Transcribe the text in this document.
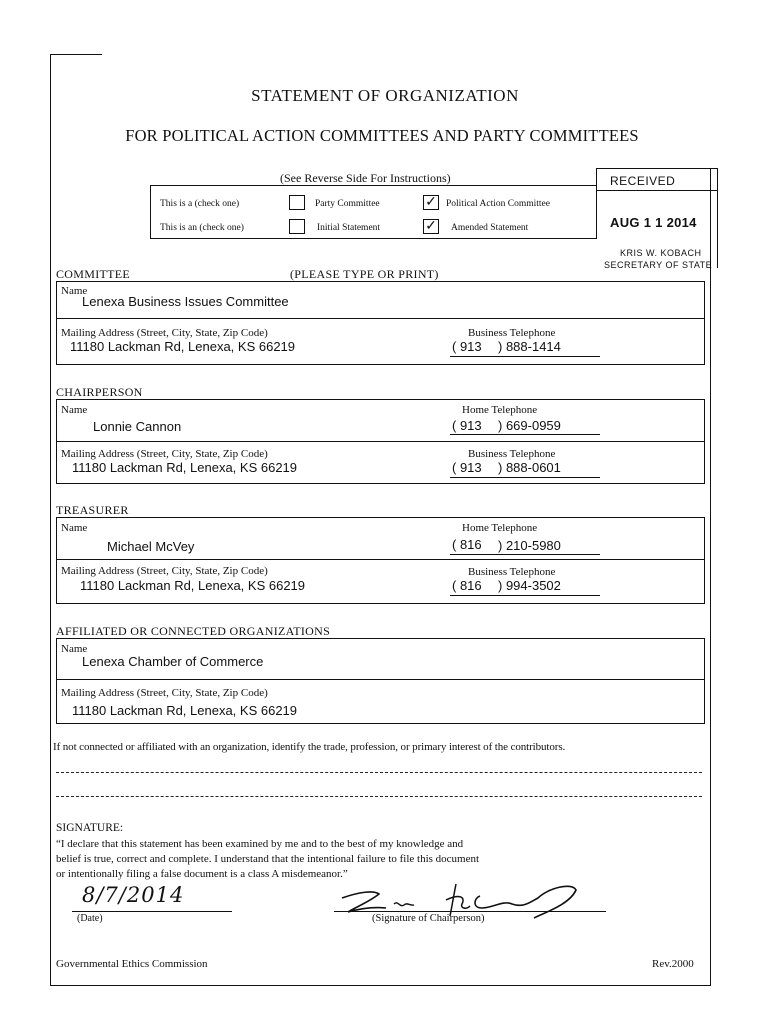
STATEMENT OF ORGANIZATION
FOR POLITICAL ACTION COMMITTEES AND PARTY COMMITTEES
(See Reverse Side For Instructions)
This is a (check one)	Party Committee	✓ Political Action Committee
This is an (check one)	Initial Statement	✓ Amended Statement
RECEIVED
AUG 1 1 2014
KRIS W. KOBACH
SECRETARY OF STATE
COMMITTEE	(PLEASE TYPE OR PRINT)
Name
Lenexa Business Issues Committee
Mailing Address (Street, City, State, Zip Code)
11180 Lackman Rd, Lenexa, KS 66219
Business Telephone
( 913 ) 888-1414
CHAIRPERSON
Name
Lonnie Cannon
Home Telephone
( 913 ) 669-0959
Mailing Address (Street, City, State, Zip Code)
11180 Lackman Rd, Lenexa, KS 66219
Business Telephone
( 913 ) 888-0601
TREASURER
Name
Michael McVey
Home Telephone
( 816 ) 210-5980
Mailing Address (Street, City, State, Zip Code)
11180 Lackman Rd, Lenexa, KS 66219
Business Telephone
( 816 ) 994-3502
AFFILIATED OR CONNECTED ORGANIZATIONS
Name
Lenexa Chamber of Commerce
Mailing Address (Street, City, State, Zip Code)
11180 Lackman Rd, Lenexa, KS 66219
If not connected or affiliated with an organization, identify the trade, profession, or primary interest of the contributors.
SIGNATURE:
“I declare that this statement has been examined by me and to the best of my knowledge and
belief is true, correct and complete. I understand that the intentional failure to file this document
or intentionally filing a false document is a class A misdemeanor.”
8/7/2014
(Date)	(Signature of Chairperson)
Governmental Ethics Commission	Rev.2000
